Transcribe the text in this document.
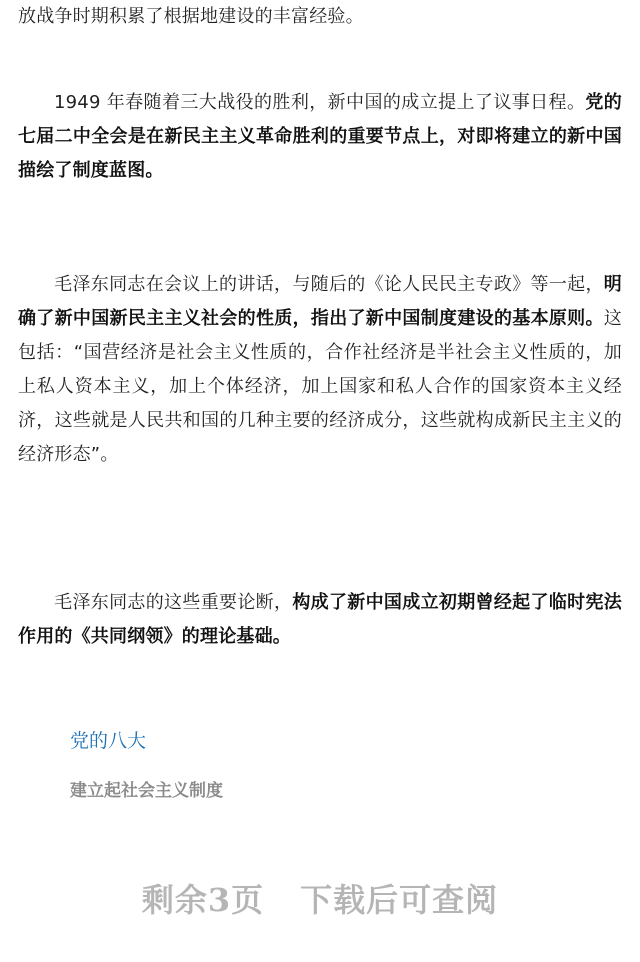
放战争时期积累了根据地建设的丰富经验。

1949 年春随着三大战役的胜利，新中国的成立提上了议事日程。党的七届二中全会是在新民主主义革命胜利的重要节点上，对即将建立的新中国描绘了制度蓝图。

毛泽东同志在会议上的讲话，与随后的《论人民民主专政》等一起，明确了新中国新民主主义社会的性质，指出了新中国制度建设的基本原则。这包括：“国营经济是社会主义性质的，合作社经济是半社会主义性质的，加上私人资本主义，加上个体经济，加上国家和私人合作的国家资本主义经济，这些就是人民共和国的几种主要的经济成分，这些就构成新民主主义的经济形态”。

毛泽东同志的这些重要论断，构成了新中国成立初期曾经起了临时宪法作用的《共同纲领》的理论基础。

党的八大
建立起社会主义制度
剩余3页 下载后可查阅
